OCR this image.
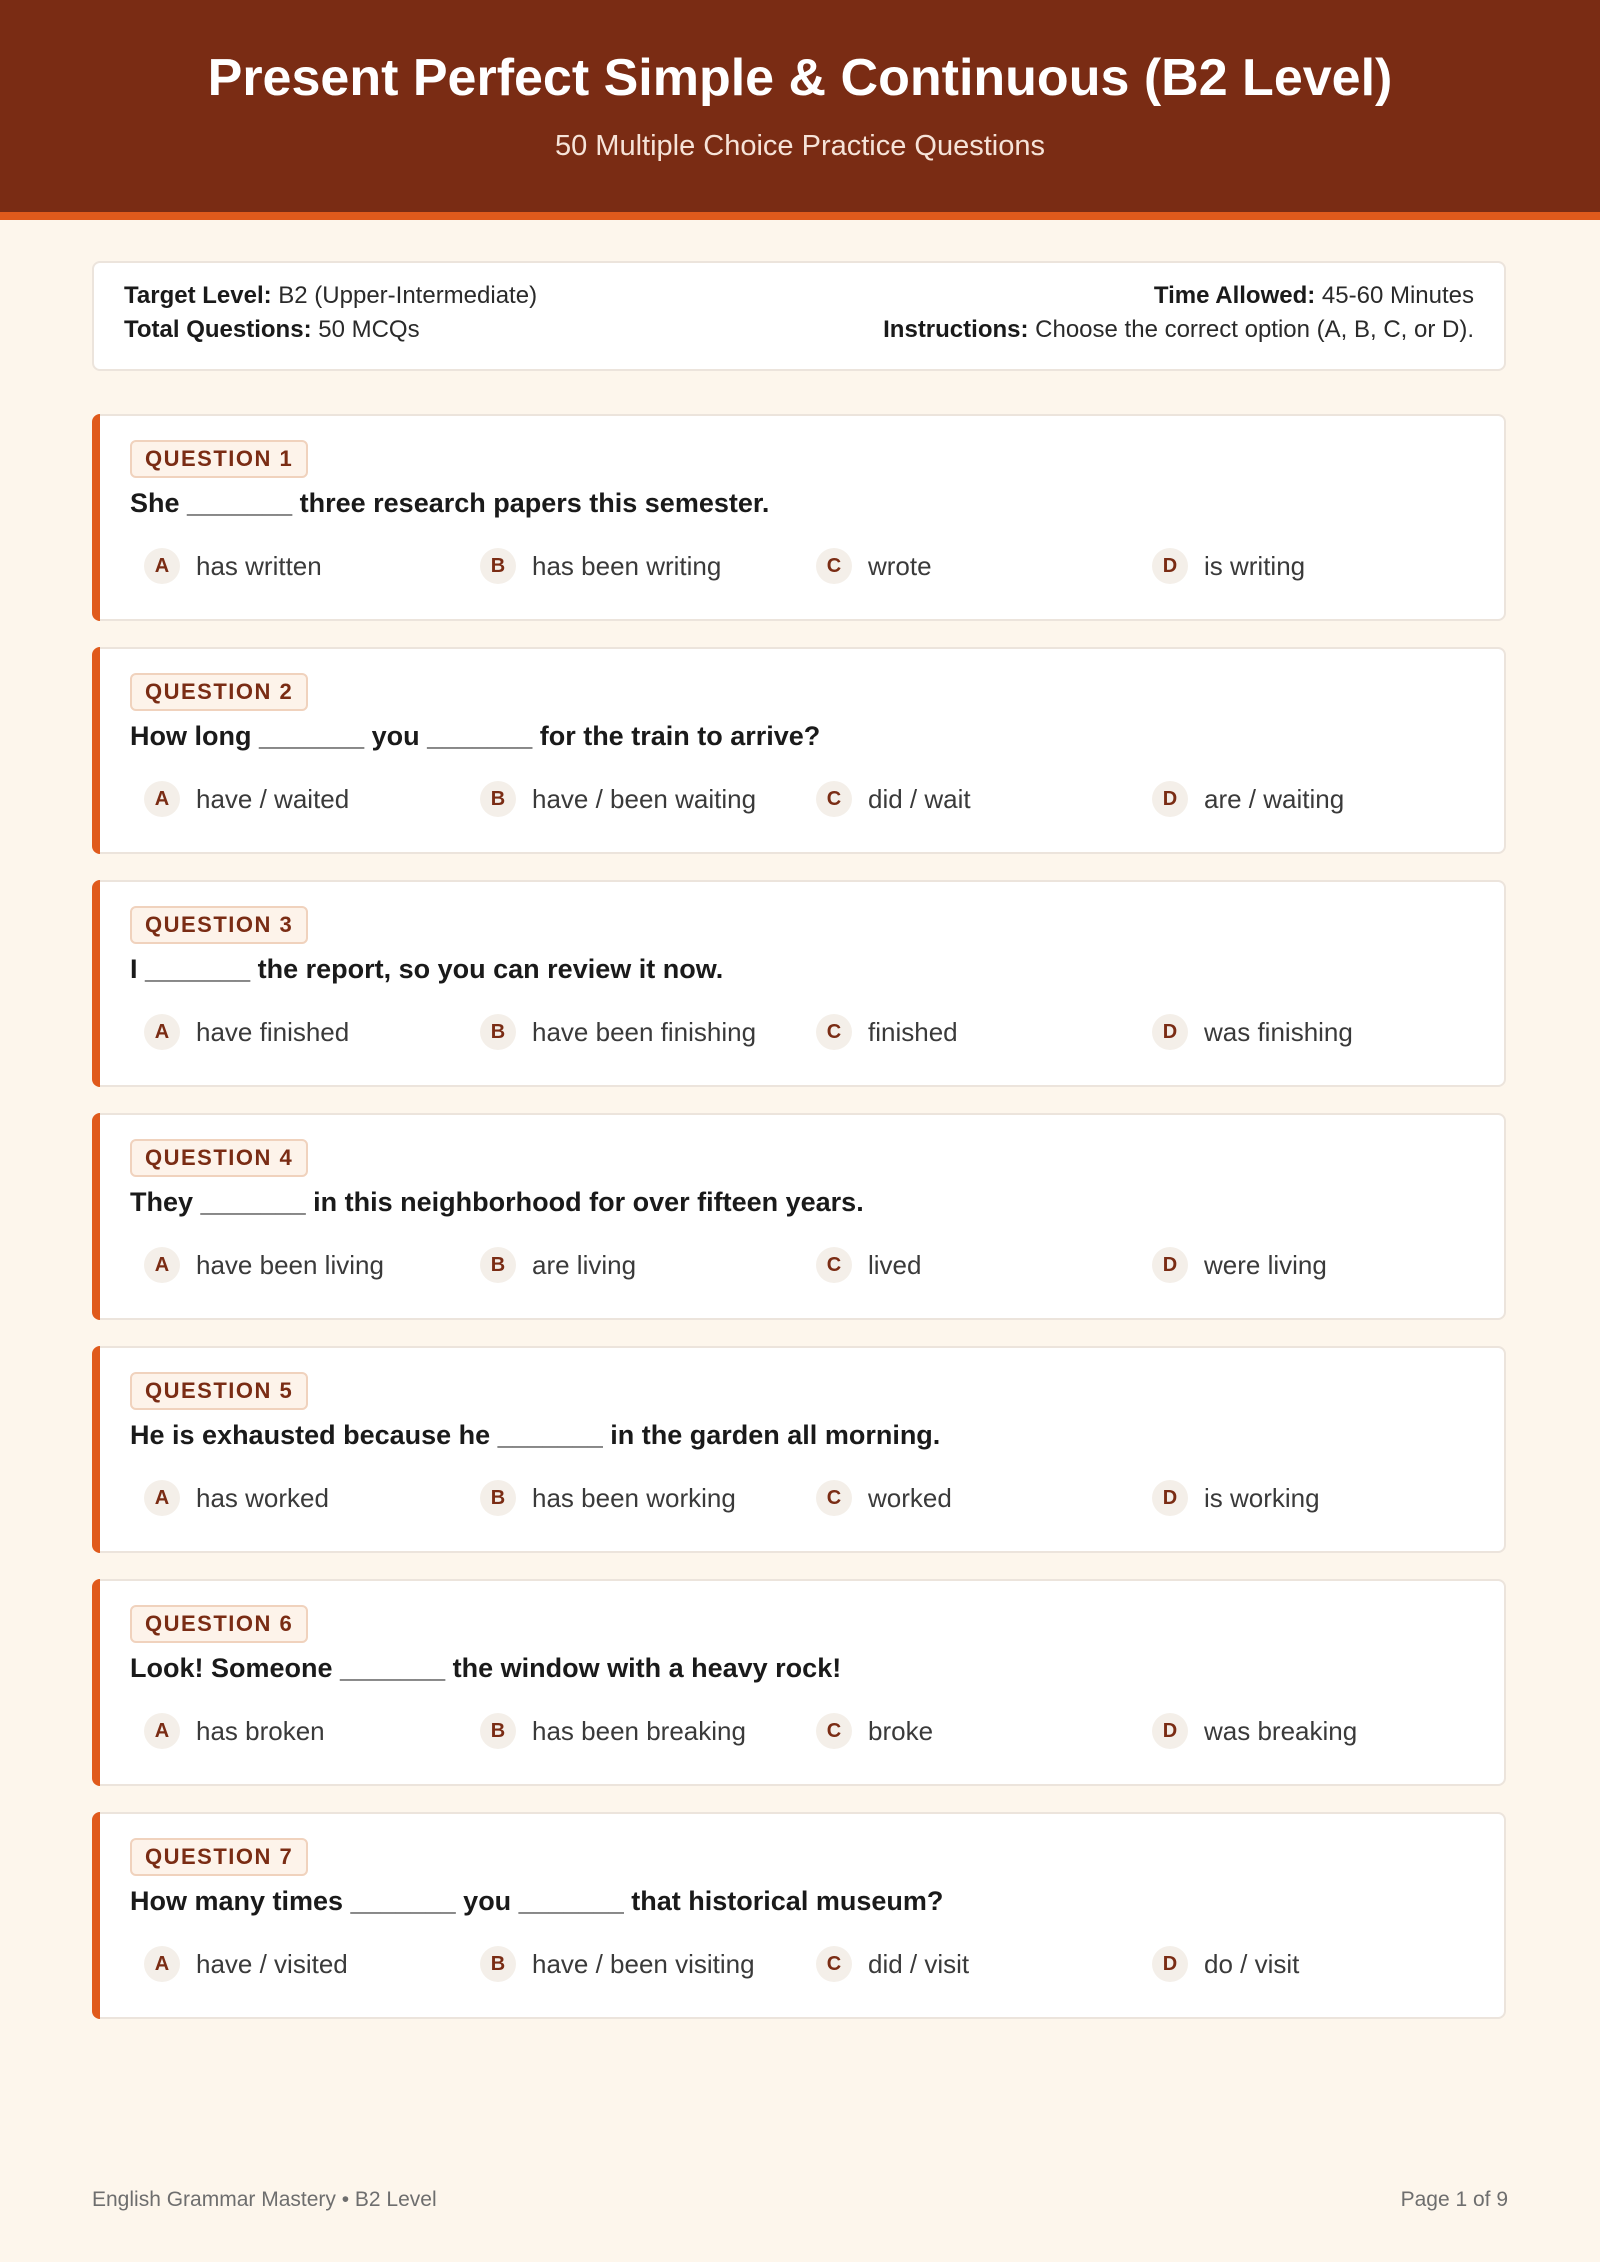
Present Perfect Simple & Continuous (B2 Level)
50 Multiple Choice Practice Questions
Target Level: B2 (Upper-Intermediate)
Total Questions: 50 MCQs
Time Allowed: 45-60 Minutes
Instructions: Choose the correct option (A, B, C, or D).
QUESTION 1
She _______ three research papers this semester.
A	has written	B	has been writing	C	wrote	D	is writing
QUESTION 2
How long _______ you _______ for the train to arrive?
A	have / waited	B	have / been waiting	C	did / wait	D	are / waiting
QUESTION 3
I _______ the report, so you can review it now.
A	have finished	B	have been finishing	C	finished	D	was finishing
QUESTION 4
They _______ in this neighborhood for over fifteen years.
A	have been living	B	are living	C	lived	D	were living
QUESTION 5
He is exhausted because he _______ in the garden all morning.
A	has worked	B	has been working	C	worked	D	is working
QUESTION 6
Look! Someone _______ the window with a heavy rock!
A	has broken	B	has been breaking	C	broke	D	was breaking
QUESTION 7
How many times _______ you _______ that historical museum?
A	have / visited	B	have / been visiting	C	did / visit	D	do / visit
English Grammar Mastery • B2 Level	Page 1 of 9
